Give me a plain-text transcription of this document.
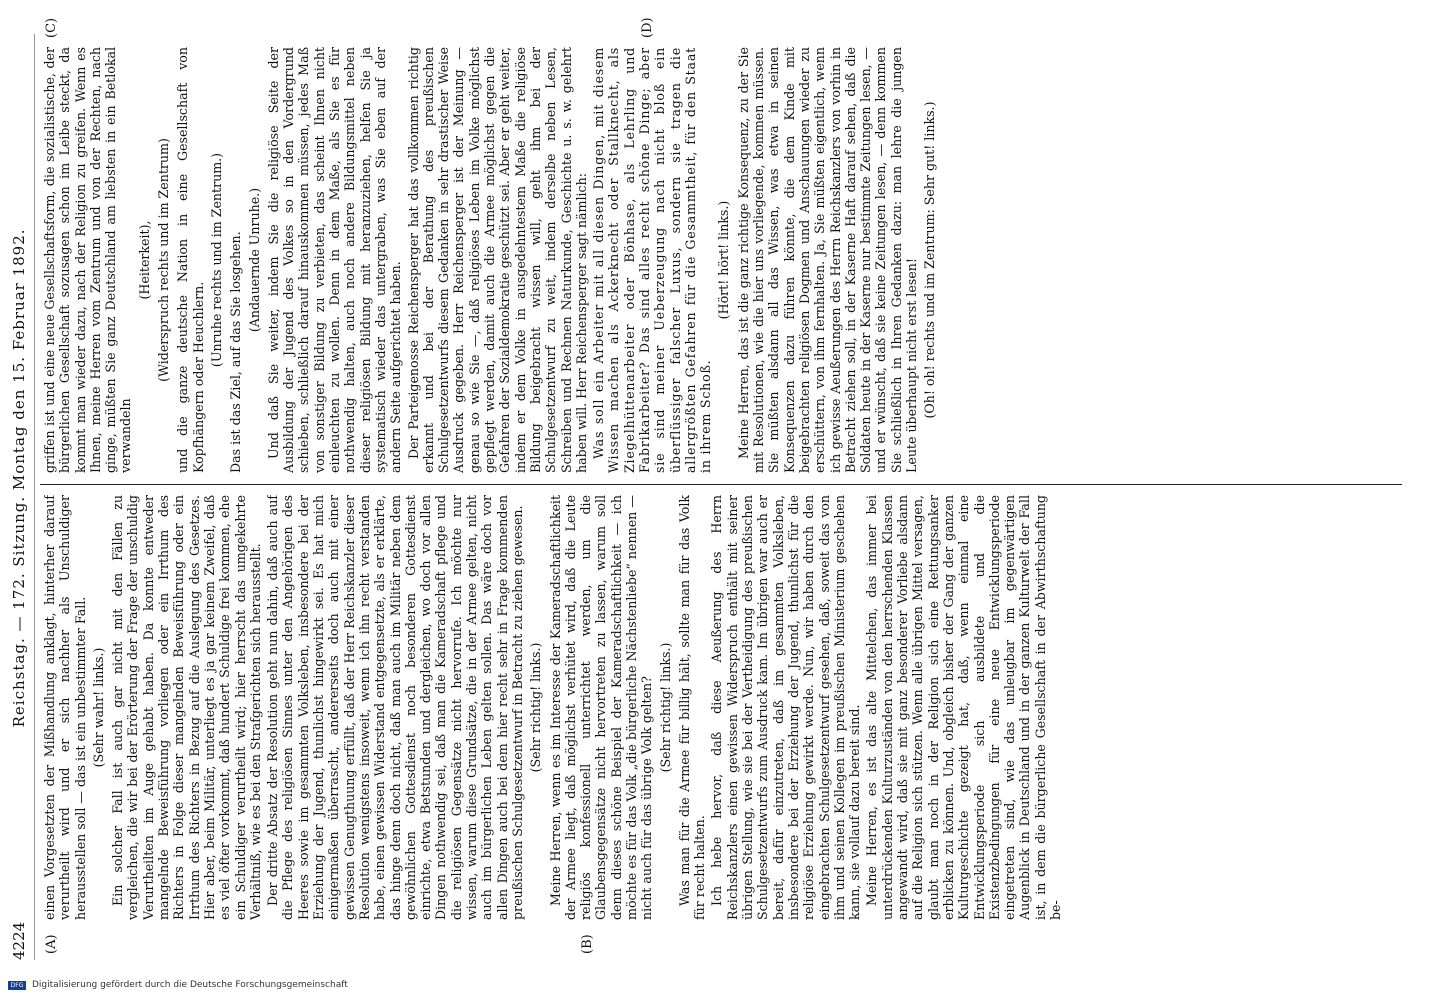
4224
Reichstag. — 172. Sitzung. Montag den 15. Februar 1892.
(A)	(B)
(C)	(D)

einen Vorgesetzten der Mißhandlung anklagt, hinterher darauf verurtheilt wird und er sich nachher als Unschuldiger herausstellen soll — das ist ein unbestimmter Fall. (Sehr wahr! links.) Ein solcher Fall ist auch gar nicht mit den Fällen zu vergleichen, die wir bei der Erörterung der Frage der unschuldig Verurtheilten im Auge gehabt haben. Da konnte entweder mangelnde Beweisführung vorliegen oder ein Irrthum des Richters in Folge dieser mangelnden Beweisführung oder ein Irrthum des Richters in Bezug auf die Auslegung des Gesetzes. Hier aber, beim Militär, unterliegt es ja gar keinem Zweifel, daß es viel öfter vorkommt, daß hundert Schuldige frei kommen, ehe ein Schuldiger verurtheilt wird; hier herrscht das umgekehrte Verhältniß, wie es bei den Strafgerichten sich herausstellt. Der dritte Absatz der Resolution geht nun dahin, daß auch auf die Pflege des religiösen Sinnes unter den Angehörigen des Heeres sowie im gesammten Volksleben, insbesondere bei der Erziehung der Jugend, thunlichst hingewirkt sei. Es hat mich einigermaßen überrascht, andererseits doch auch mit einer gewissen Genugthuung erfüllt, daß der Herr Reichskanzler dieser Resolution wenigstens insoweit, wenn ich ihn recht verstanden habe, einen gewissen Widerstand entgegensetzte, als er erklärte, das hinge denn doch nicht, daß man auch im Militär neben dem gewöhnlichen Gottesdienst noch besonderen Gottesdienst einrichte, etwa Betstunden und dergleichen, wo doch vor allen Dingen nothwendig sei, daß man die Kameradschaft pflege und die religiösen Gegensätze nicht hervorrufe. Ich möchte nur wissen, warum diese Grundsätze, die in der Armee gelten, nicht auch im bürgerlichen Leben gelten sollen. Das wäre doch vor allen Dingen auch bei dem hier recht sehr in Frage kommenden preußischen Schulgesetzentwurf in Betracht zu ziehen gewesen. (Sehr richtig! links.) Meine Herren, wenn es im Interesse der Kameradschaftlichkeit der Armee liegt, daß möglichst verhütet wird, daß die Leute religiös konfessionell unterrichtet werden, um die Glaubensgegensätze nicht hervortreten zu lassen, warum soll denn dieses schöne Beispiel der Kameradschaftlichkeit — ich möchte es für das Volk „die bürgerliche Nächstenliebe“ nennen — nicht auch für das übrige Volk gelten? (Sehr richtig! links.) Was man für die Armee für billig hält, sollte man für das Volk für recht halten. Ich hebe hervor, daß diese Aeußerung des Herrn Reichskanzlers einen gewissen Widerspruch enthält mit seiner übrigen Stellung, wie sie bei der Vertheidigung des preußischen Schulgesetzentwurfs zum Ausdruck kam. Im übrigen war auch er bereit, dafür einzutreten, daß im gesammten Volksleben, insbesondere bei der Erziehung der Jugend, thunlichst für die religiöse Erziehung gewirkt werde. Nun, wir haben durch den eingebrachten Schulgesetzentwurf gesehen, daß, soweit das von ihm und seinen Kollegen im preußischen Ministerium geschehen kann, sie vollauf dazu bereit sind. Meine Herren, es ist das alte Mittelchen, das immer bei unterdrückenden Kulturzuständen von den herrschenden Klassen angewandt wird, daß sie mit ganz besonderer Vorliebe alsdann auf die Religion sich stützen. Wenn alle übrigen Mittel versagen, glaubt man noch in der Religion sich eine Rettungsanker erblicken zu können. Und, obgleich bisher der Gang der ganzen Kulturgeschichte gezeigt hat, daß, wenn einmal eine Entwicklungsperiode sich ausbildete und die Existenzbedingungen für eine neue Entwicklungsperiode eingetreten sind, wie das unleugbar im gegenwärtigen Augenblick in Deutschland und in der ganzen Kulturwelt der Fall ist, in dem die bürgerliche Gesellschaft in der Abwirthschaftung be-

griffen ist und eine neue Gesellschaftsform, die sozialistische, der bürgerlichen Gesellschaft sozusagen schon im Leibe steckt, da kommt man wieder dazu, nach der Religion zu greifen. Wenn es Ihnen, meine Herren vom Zentrum und von der Rechten, nach ginge, müßten Sie ganz Deutschland am liebsten in ein Betlokal verwandeln

(Heiterkeit), (Widerspruch rechts und im Zentrum) und die ganze deutsche Nation in eine Gesellschaft von Kopfhängern oder Heuchlern.

(Unruhe rechts und im Zentrum.) Das ist das Ziel, auf das Sie losgehen. (Andauernde Unruhe.) Und daß Sie weiter, indem Sie die religiöse Seite der Ausbildung der Jugend des Volkes so in den Vordergrund schieben, schließlich darauf hinauskommen müssen, jedes Maß von sonstiger Bildung zu verbieten, das scheint Ihnen nicht einleuchten zu wollen. Denn in dem Maße, als Sie es für nothwendig halten, auch noch andere Bildungsmittel neben dieser religiösen Bildung mit heranzuziehen, helfen Sie ja systematisch wieder das untergraben, was Sie eben auf der andern Seite aufgerichtet haben. Der Parteigenosse Reichensperger hat das vollkommen richtig erkannt und bei der Berathung des preußischen Schulgesetzentwurfs diesem Gedanken in sehr drastischer Weise Ausdruck gegeben. Herr Reichensperger ist der Meinung — genau so wie Sie —, daß religiöses Leben im Volke möglichst gepflegt werden, damit auch die Armee möglichst gegen die Gefahren der Sozialdemokratie geschützt sei. Aber er geht weiter, indem er dem Volke in ausgedehntestem Maße die religiöse Bildung beigebracht wissen will, geht ihm bei der Schulgesetzentwurf zu weit, indem derselbe neben Lesen, Schreiben und Rechnen Naturkunde, Geschichte u. s. w. gelehrt haben will. Herr Reichensperger sagt nämlich: Was soll ein Arbeiter mit all diesen Dingen, mit diesem Wissen machen als Ackerknecht oder Stallknecht, als Ziegelhüttenarbeiter oder Bönhase, als Lehrling und Fabrikarbeiter? Das sind alles recht schöne Dinge; aber sie sind meiner Ueberzeugung nach nicht bloß ein überflüssiger falscher Luxus, sondern sie tragen die allergrößten Gefahren für die Gesammtheit, für den Staat in ihrem Schoß.

(Hört! hört! links.) Meine Herren, das ist die ganz richtige Konsequenz, zu der Sie mit Resolutionen, wie die hier uns vorliegende, kommen müssen. Sie müßten alsdann all das Wissen, was etwa in seinen Konsequenzen dazu führen könnte, die dem Kinde mit beigebrachten religiösen Dogmen und Anschauungen wieder zu erschüttern, von ihm fernhalten. Ja, Sie müßten eigentlich, wenn ich gewisse Aeußerungen des Herrn Reichskanzlers von vorhin in Betracht ziehen soll, in der Kaserne Haft darauf sehen, daß die Soldaten heute in der Kaserne nur bestimmte Zeitungen lesen, — und er wünscht, daß sie keine Zeitungen lesen, — denn kommen Sie schließlich in Ihren Gedanken dazu: man lehre die jungen Leute überhaupt nicht erst lesen! (Oh! oh! rechts und im Zentrum: Sehr gut! links.)

DFG Digitalisierung gefördert durch die Deutsche Forschungsgemeinschaft
